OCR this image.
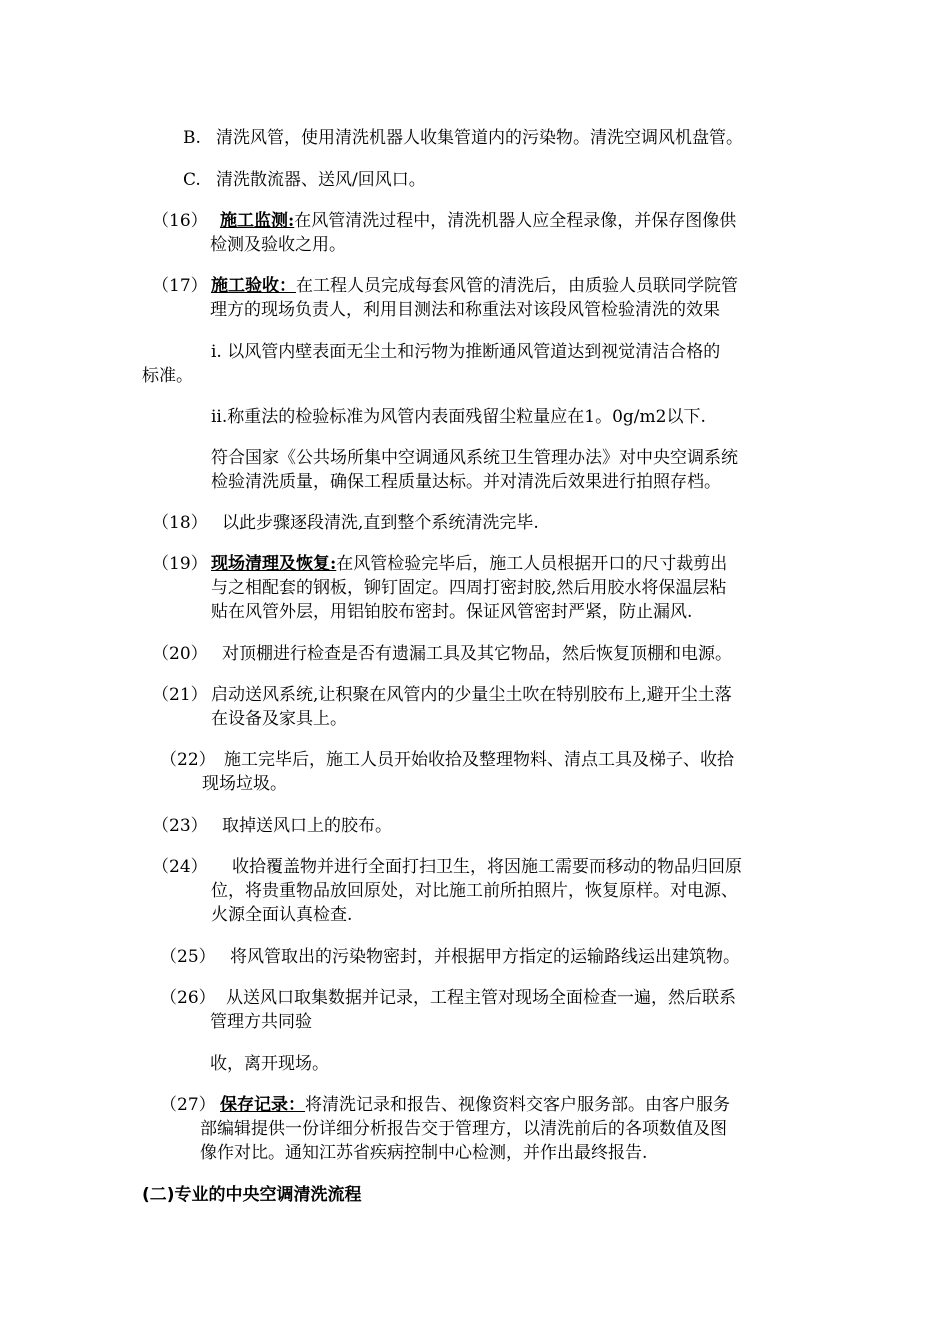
B. 清洗风管，使用清洗机器人收集管道内的污染物。清洗空调风机盘管。
C. 清洗散流器、送风/回风口。
（16） 施工监测:在风管清洗过程中，清洗机器人应全程录像，并保存图像供
检测及验收之用。
（17） 施工验收：在工程人员完成每套风管的清洗后，由质验人员联同学院管
理方的现场负责人，利用目测法和称重法对该段风管检验清洗的效果
i. 以风管内壁表面无尘土和污物为推断通风管道达到视觉清洁合格的
标准。
ii.称重法的检验标准为风管内表面残留尘粒量应在1。0g/m2以下.
符合国家《公共场所集中空调通风系统卫生管理办法》对中央空调系统
检验清洗质量，确保工程质量达标。并对清洗后效果进行拍照存档。
（18） 以此步骤逐段清洗,直到整个系统清洗完毕.
（19） 现场清理及恢复:在风管检验完毕后，施工人员根据开口的尺寸裁剪出
与之相配套的钢板，铆钉固定。四周打密封胶,然后用胶水将保温层粘
贴在风管外层，用铝铂胶布密封。保证风管密封严紧，防止漏风.
（20） 对顶棚进行检查是否有遗漏工具及其它物品，然后恢复顶棚和电源。
（21） 启动送风系统,让积聚在风管内的少量尘土吹在特别胶布上,避开尘土落
在设备及家具上。
（22） 施工完毕后，施工人员开始收拾及整理物料、清点工具及梯子、收拾
现场垃圾。
（23） 取掉送风口上的胶布。
（24） 收拾覆盖物并进行全面打扫卫生，将因施工需要而移动的物品归回原
位，将贵重物品放回原处，对比施工前所拍照片，恢复原样。对电源、
火源全面认真检查.
（25） 将风管取出的污染物密封，并根据甲方指定的运输路线运出建筑物。
（26） 从送风口取集数据并记录，工程主管对现场全面检查一遍，然后联系
管理方共同验
收，离开现场。
（27） 保存记录：将清洗记录和报告、视像资料交客户服务部。由客户服务
部编辑提供一份详细分析报告交于管理方，以清洗前后的各项数值及图
像作对比。通知江苏省疾病控制中心检测，并作出最终报告.
(二)专业的中央空调清洗流程
